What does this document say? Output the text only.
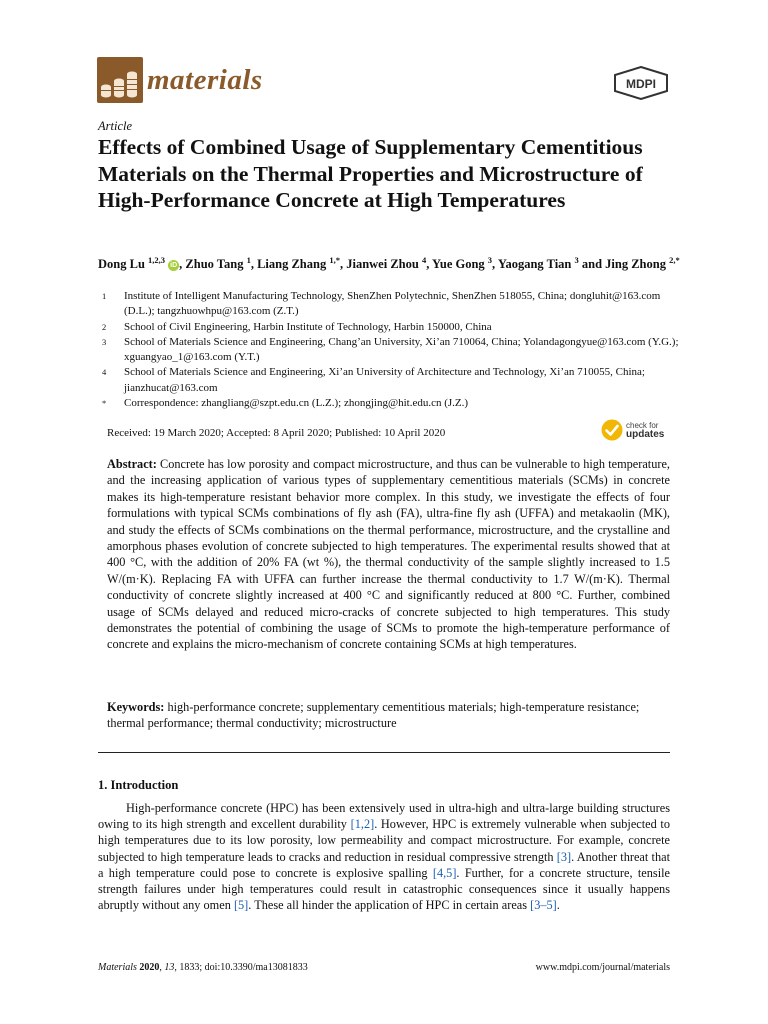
materials	MDPI
Article
Effects of Combined Usage of Supplementary Cementitious Materials on the Thermal Properties and Microstructure of High-Performance Concrete at High Temperatures
Dong Lu $^{1,2,3}$ iD , Zhuo Tang $^1$, Liang Zhang $^{1,*}$, Jianwei Zhou $^4$, Yue Gong $^3$, Yaogang Tian $^3$ and Jing Zhong $^{2,*}$
1	Institute of Intelligent Manufacturing Technology, ShenZhen Polytechnic, ShenZhen 518055, China; dongluhit@163.com (D.L.); tangzhuowhpu@163.com (Z.T.)
2	School of Civil Engineering, Harbin Institute of Technology, Harbin 150000, China
3	School of Materials Science and Engineering, Chang’an University, Xi’an 710064, China; Yolandagongyue@163.com (Y.G.); xguangyao_1@163.com (Y.T.)
4	School of Materials Science and Engineering, Xi’an University of Architecture and Technology, Xi’an 710055, China; jianzhucat@163.com
*	Correspondence: zhangliang@szpt.edu.cn (L.Z.); zhongjing@hit.edu.cn (J.Z.)
Received: 19 March 2020; Accepted: 8 April 2020; Published: 10 April 2020
check for
updates

Abstract: Concrete has low porosity and compact microstructure, and thus can be vulnerable to high temperature, and the increasing application of various types of supplementary cementitious materials (SCMs) in concrete makes its high-temperature resistant behavior more complex. In this study, we investigate the effects of four formulations with typical SCMs combinations of fly ash (FA), ultra-fine fly ash (UFFA) and metakaolin (MK), and study the effects of SCMs combinations on the thermal performance, microstructure, and the crystalline and amorphous phases evolution of concrete subjected to high temperatures. The experimental results showed that at 400 °C, with the addition of 20% FA (wt %), the thermal conductivity of the sample slightly increased to 1.5 W/(m·K). Replacing FA with UFFA can further increase the thermal conductivity to 1.7 W/(m·K). Thermal conductivity of concrete slightly increased at 400 °C and significantly reduced at 800 °C. Further, combined usage of SCMs delayed and reduced micro-cracks of concrete subjected to high temperatures. This study demonstrates the potential of combining the usage of SCMs to promote the high-temperature performance of concrete and explains the micro-mechanism of concrete containing SCMs at high temperatures.

Keywords: high-performance concrete; supplementary cementitious materials; high-temperature resistance; thermal performance; thermal conductivity; microstructure

1. Introduction

High-performance concrete (HPC) has been extensively used in ultra-high and ultra-large building structures owing to its high strength and excellent durability [1,2]. However, HPC is extremely vulnerable when subjected to high temperatures due to its low porosity, low permeability and compact microstructure. For example, concrete subjected to high temperature leads to cracks and reduction in residual compressive strength [3]. Another threat that a high temperature could pose to concrete is explosive spalling [4,5]. Further, for a concrete structure, tensile strength failures under high temperatures could result in catastrophic consequences since it usually happens abruptly without any omen [5]. These all hinder the application of HPC in certain areas [3–5].

Materials 2020, 13, 1833; doi:10.3390/ma13081833	www.mdpi.com/journal/materials
